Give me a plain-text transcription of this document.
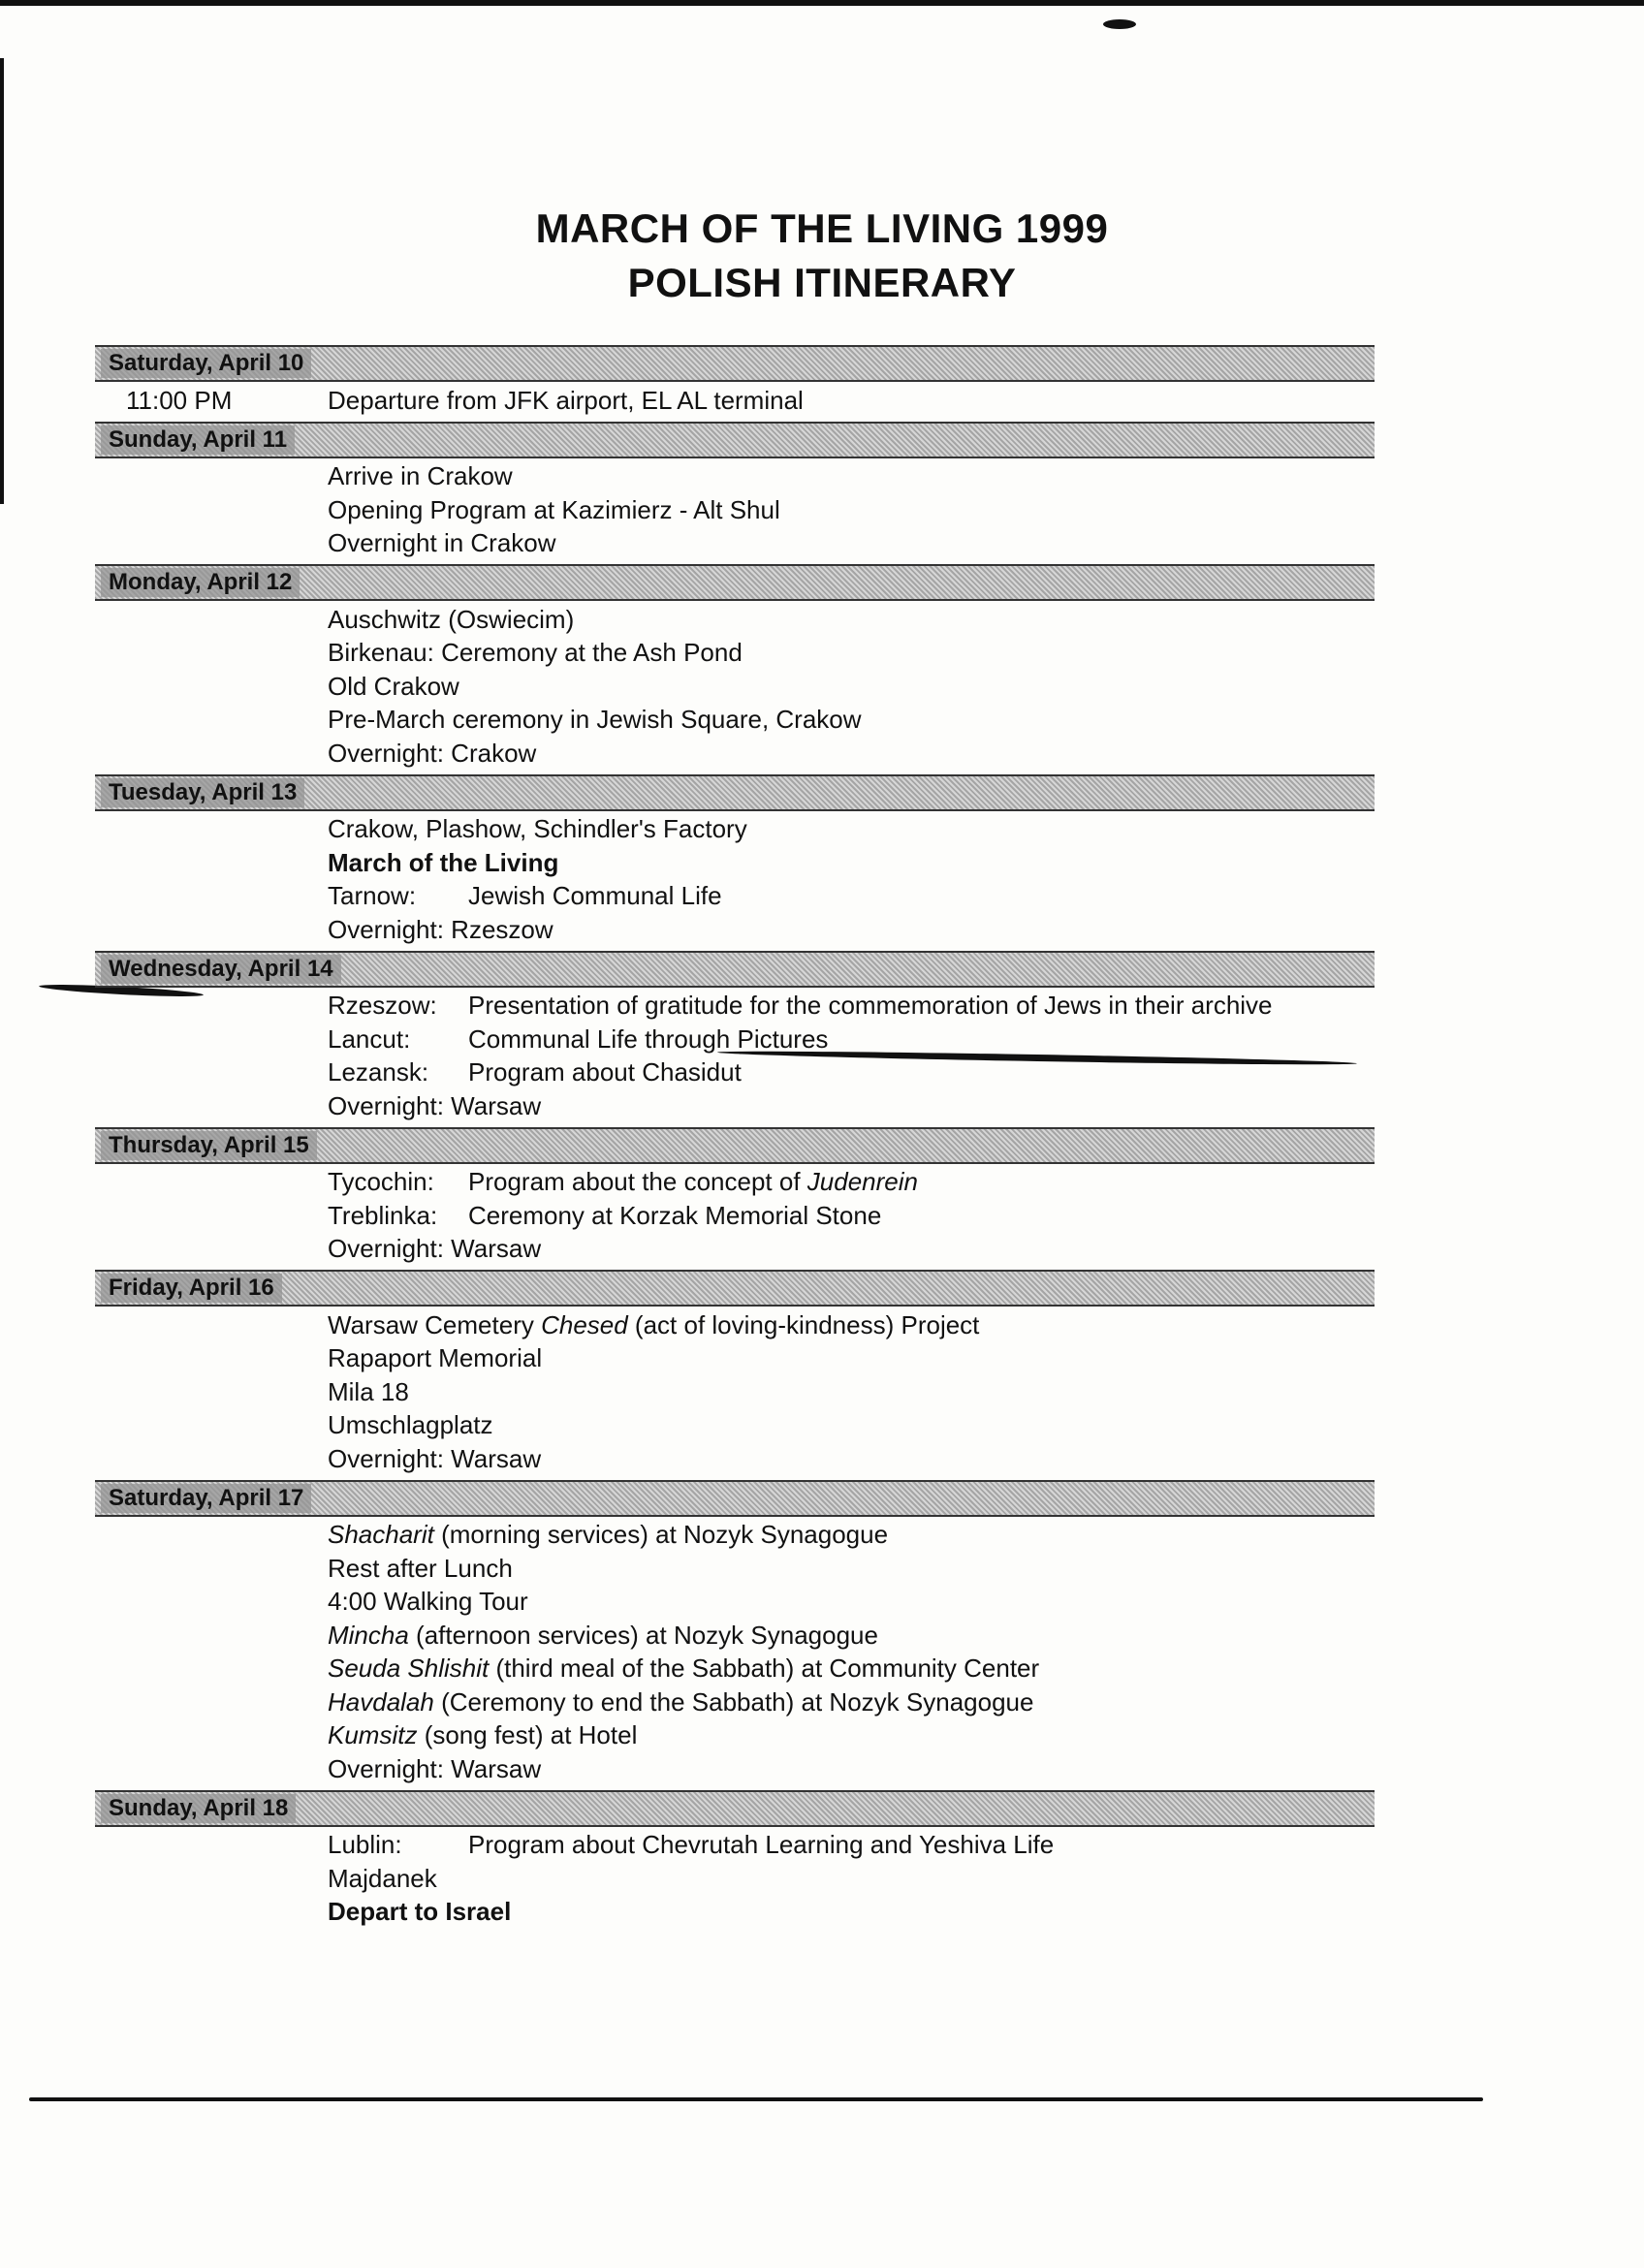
MARCH OF THE LIVING 1999
POLISH ITINERARY
Saturday, April 10
11:00 PM	Departure from JFK airport, EL AL terminal
Sunday, April 11
Arrive in Crakow
Opening Program at Kazimierz - Alt Shul
Overnight in Crakow
Monday, April 12
Auschwitz (Oswiecim)
Birkenau: Ceremony at the Ash Pond
Old Crakow
Pre-March ceremony in Jewish Square, Crakow
Overnight: Crakow
Tuesday, April 13
Crakow, Plashow, Schindler's Factory
March of the Living
Tarnow: Jewish Communal Life
Overnight: Rzeszow
Wednesday, April 14
Rzeszow: Presentation of gratitude for the commemoration of Jews in their archive
Lancut: Communal Life through Pictures
Lezansk: Program about Chasidut
Overnight: Warsaw
Thursday, April 15
Tycochin: Program about the concept of Judenrein
Treblinka: Ceremony at Korzak Memorial Stone
Overnight: Warsaw
Friday, April 16
Warsaw Cemetery Chesed (act of loving-kindness) Project
Rapaport Memorial
Mila 18
Umschlagplatz
Overnight: Warsaw
Saturday, April 17
Shacharit (morning services) at Nozyk Synagogue
Rest after Lunch
4:00 Walking Tour
Mincha (afternoon services) at Nozyk Synagogue
Seuda Shlishit (third meal of the Sabbath) at Community Center
Havdalah (Ceremony to end the Sabbath) at Nozyk Synagogue
Kumsitz (song fest) at Hotel
Overnight: Warsaw
Sunday, April 18
Lublin:	Program about Chevrutah Learning and Yeshiva Life
Majdanek
Depart to Israel
